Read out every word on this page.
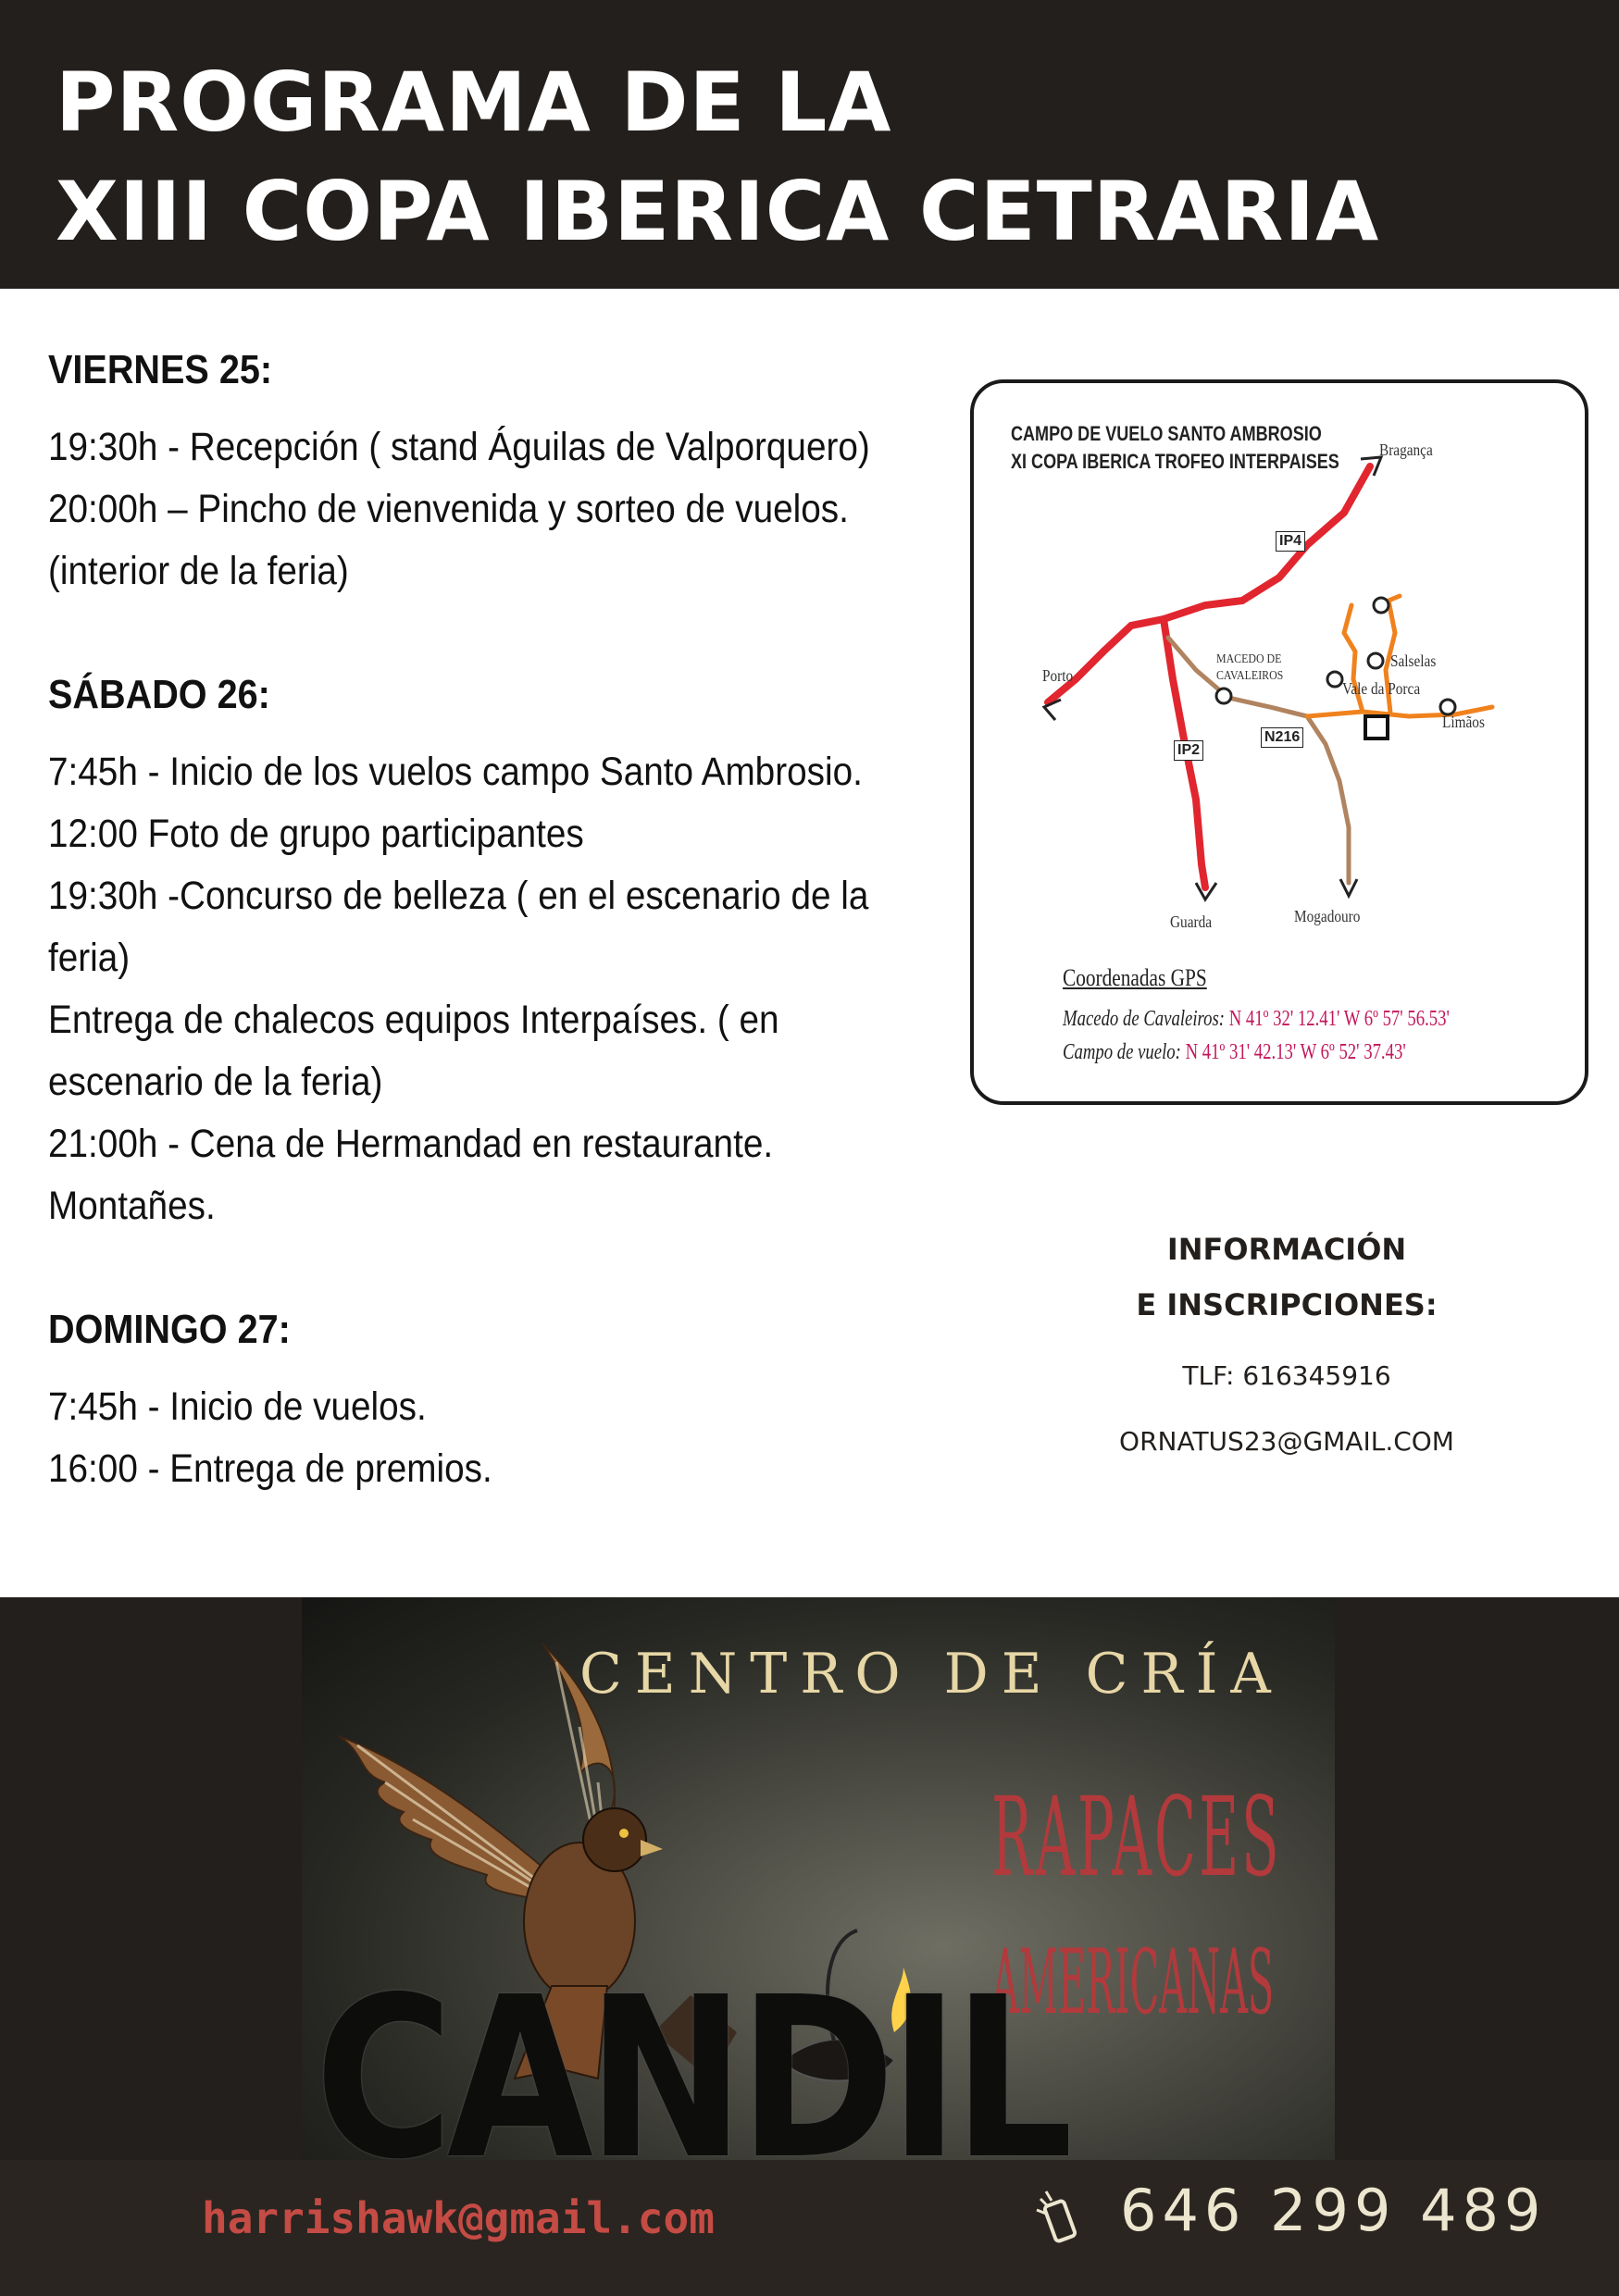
PROGRAMA DE LA
XIII COPA IBERICA CETRARIA
VIERNES 25:
19:30h - Recepción ( stand Águilas de Valporquero)
20:00h – Pincho de vienvenida y sorteo de vuelos.
(interior de la feria)
SÁBADO 26:
7:45h - Inicio de los vuelos campo Santo Ambrosio.
12:00 Foto de grupo participantes
19:30h -Concurso de belleza ( en el escenario de la
feria)
Entrega de chalecos equipos Interpaíses. ( en
escenario de la feria)
21:00h - Cena de Hermandad en restaurante.
Montañes.
DOMINGO 27:
7:45h - Inicio de vuelos.
16:00 - Entrega de premios.
CAMPO DE VUELO SANTO AMBROSIO
XI COPA IBERICA TROFEO INTERPAISES Bragança
Porto
Guarda	Mogadouro
MACEDO DE
CAVALEIROS
Salselas
Vale da Porca
Limãos
IP4
IP2
N216
Coordenadas GPS
Macedo de Cavaleiros: N 41º 32' 12.41' W 6º 57' 56.53'
Campo de vuelo: N 41º 31' 42.13' W 6º 52' 37.43'
INFORMACIÓN
E INSCRIPCIONES:
TLF: 616345916
ORNATUS23@GMAIL.COM
CENTRO DE CRÍA
RAPACES
AMERICANAS
CANDIL
harrishawk@gmail.com	646 299 489
